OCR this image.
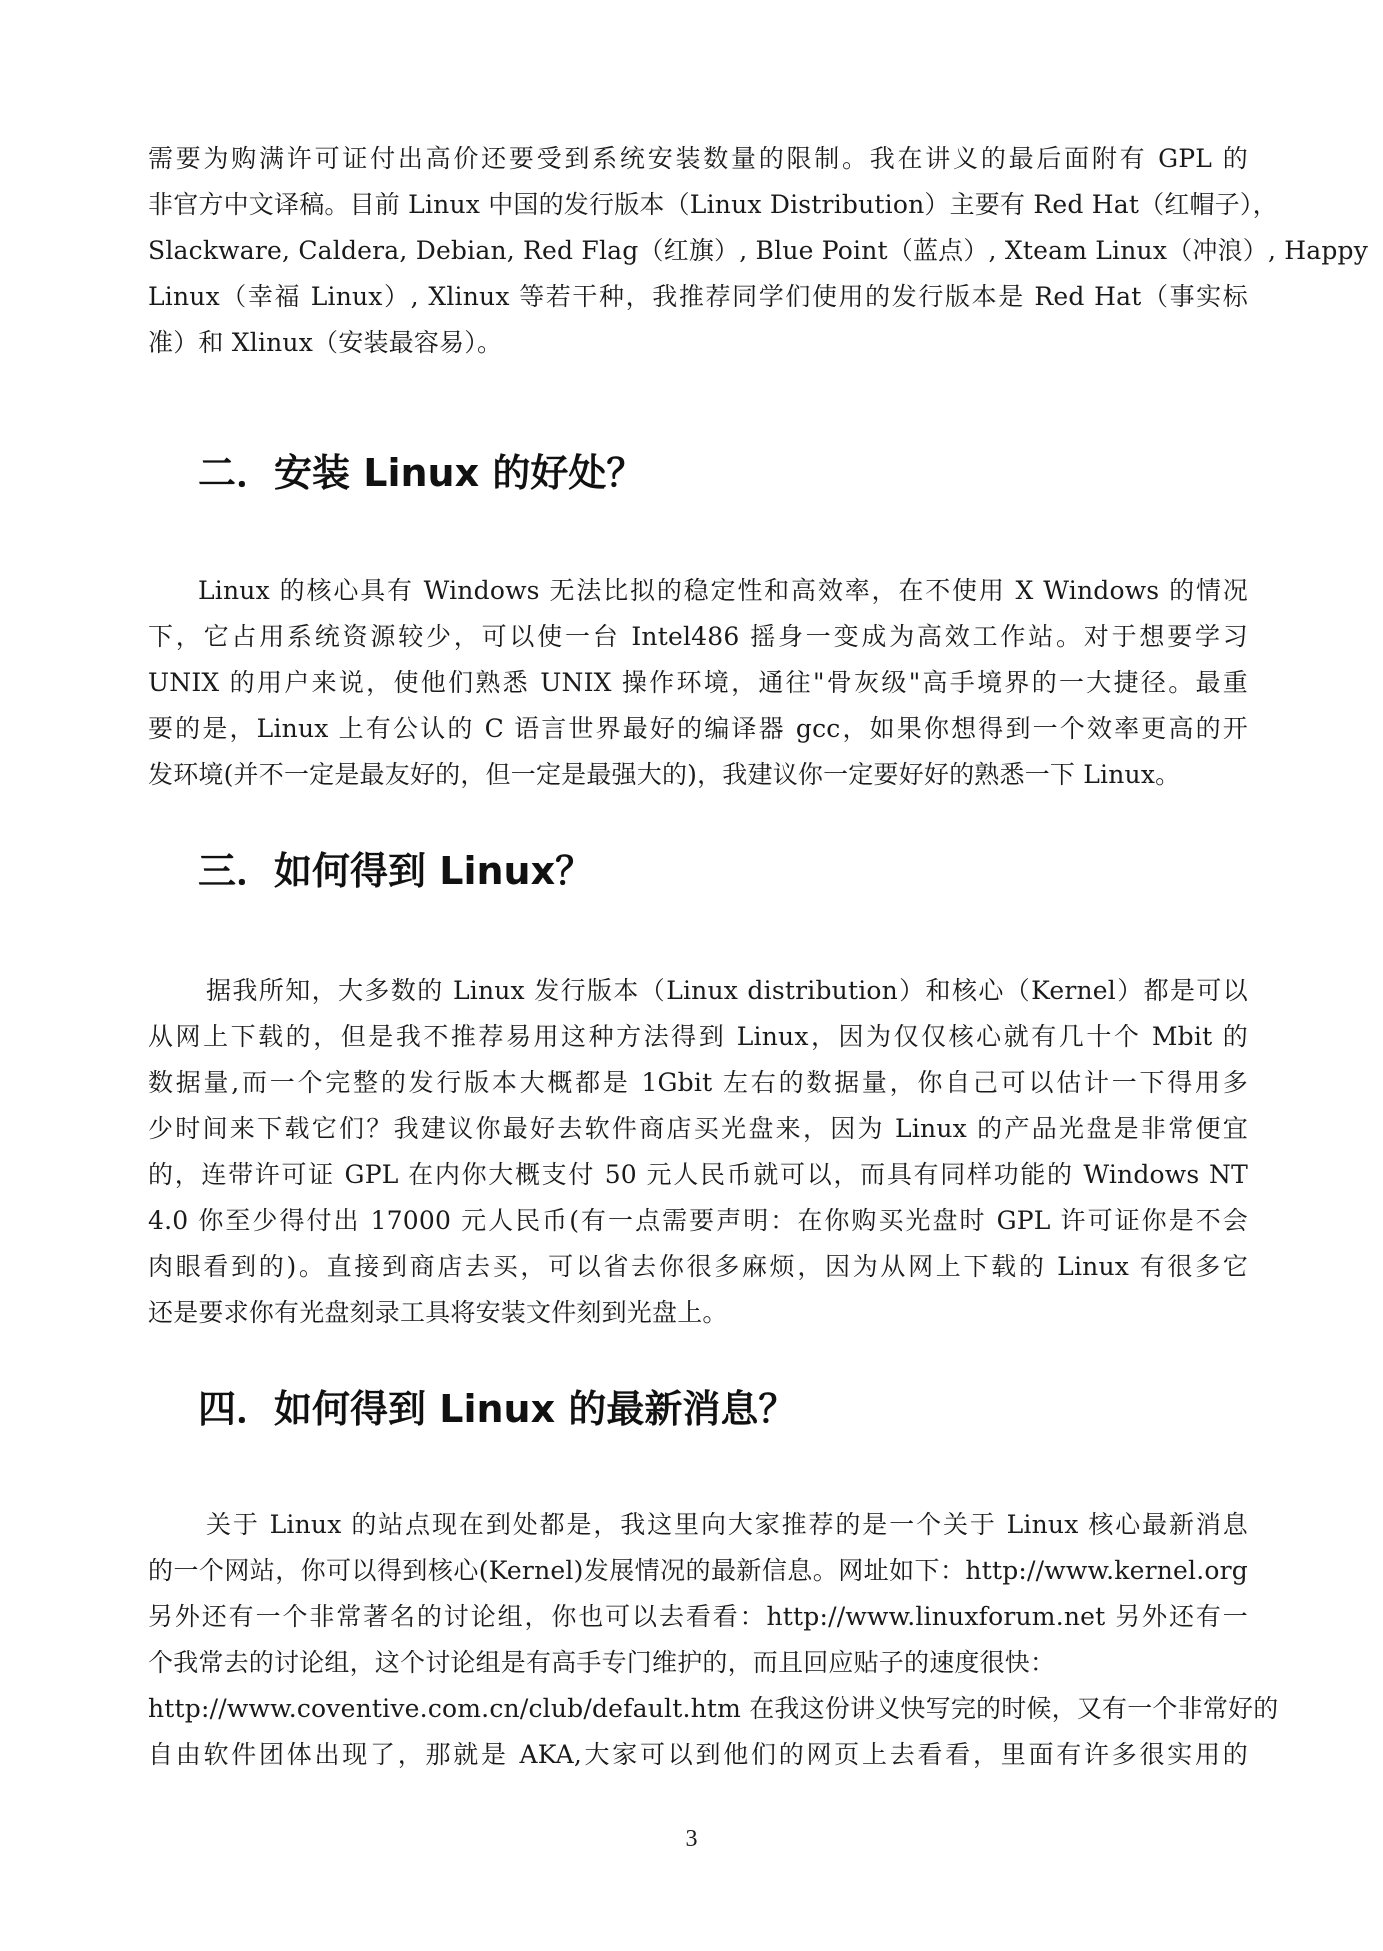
需要为购满许可证付出高价还要受到系统安装数量的限制。我在讲义的最后面附有 GPL 的
非官方中文译稿。目前 Linux 中国的发行版本（Linux Distribution）主要有 Red Hat（红帽子），
Slackware, Caldera, Debian, Red Flag（红旗）, Blue Point（蓝点）, Xteam Linux（冲浪）, Happy
Linux（幸福 Linux）, Xlinux 等若干种，我推荐同学们使用的发行版本是 Red Hat（事实标
准）和 Xlinux（安装最容易）。
二．安装 Linux 的好处？
Linux 的核心具有 Windows 无法比拟的稳定性和高效率，在不使用 X Windows 的情况
下，它占用系统资源较少，可以使一台 Intel486 摇身一变成为高效工作站。对于想要学习
UNIX 的用户来说，使他们熟悉 UNIX 操作环境，通往"骨灰级"高手境界的一大捷径。最重
要的是，Linux 上有公认的 C 语言世界最好的编译器 gcc，如果你想得到一个效率更高的开
发环境(并不一定是最友好的，但一定是最强大的)，我建议你一定要好好的熟悉一下 Linux。
三．如何得到 Linux？
据我所知，大多数的 Linux 发行版本（Linux distribution）和核心（Kernel）都是可以
从网上下载的，但是我不推荐易用这种方法得到 Linux，因为仅仅核心就有几十个 Mbit 的
数据量,而一个完整的发行版本大概都是 1Gbit 左右的数据量，你自己可以估计一下得用多
少时间来下载它们？我建议你最好去软件商店买光盘来，因为 Linux 的产品光盘是非常便宜
的，连带许可证 GPL 在内你大概支付 50 元人民币就可以，而具有同样功能的 Windows NT
4.0 你至少得付出 17000 元人民币(有一点需要声明：在你购买光盘时 GPL 许可证你是不会
肉眼看到的)。直接到商店去买，可以省去你很多麻烦，因为从网上下载的 Linux 有很多它
还是要求你有光盘刻录工具将安装文件刻到光盘上。
四．如何得到 Linux 的最新消息？
关于 Linux 的站点现在到处都是，我这里向大家推荐的是一个关于 Linux 核心最新消息
的一个网站，你可以得到核心(Kernel)发展情况的最新信息。网址如下：http://www.kernel.org
另外还有一个非常著名的讨论组，你也可以去看看：http://www.linuxforum.net 另外还有一
个我常去的讨论组，这个讨论组是有高手专门维护的，而且回应贴子的速度很快：
http://www.coventive.com.cn/club/default.htm 在我这份讲义快写完的时候，又有一个非常好的
自由软件团体出现了，那就是 AKA,大家可以到他们的网页上去看看，里面有许多很实用的
3
